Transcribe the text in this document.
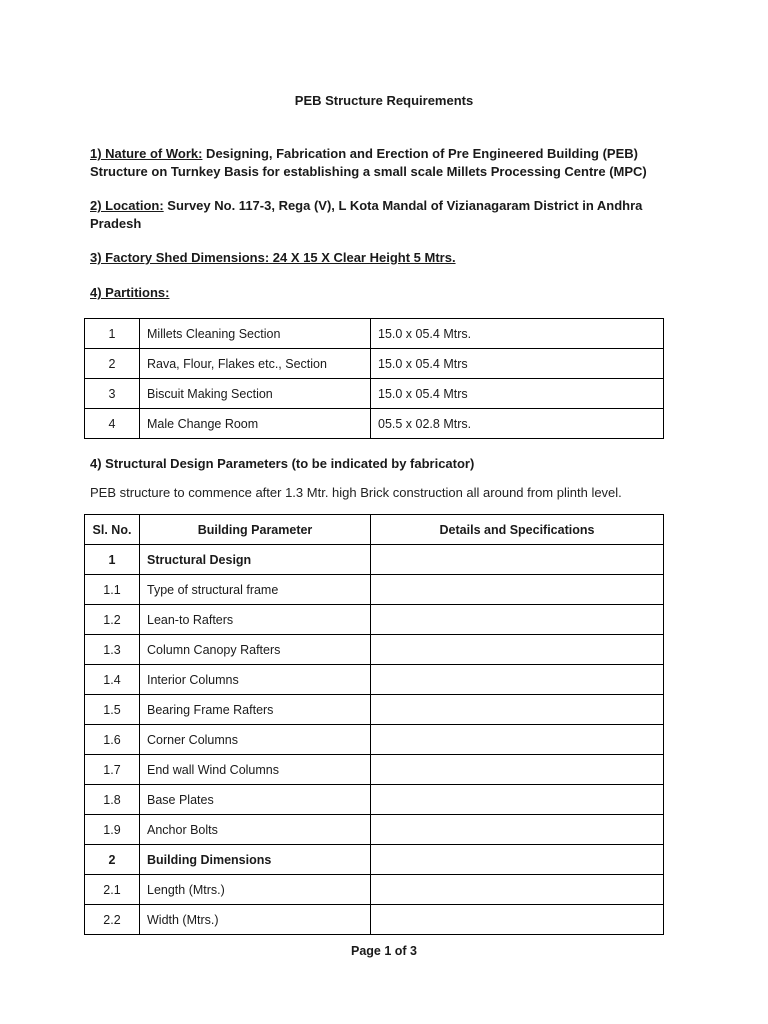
PEB Structure Requirements
1) Nature of Work: Designing, Fabrication and Erection of Pre Engineered Building (PEB) Structure on Turnkey Basis for establishing a small scale Millets Processing Centre (MPC)
2) Location: Survey No. 117-3, Rega (V), L Kota Mandal of Vizianagaram District in Andhra Pradesh
3) Factory Shed Dimensions: 24 X 15 X Clear Height 5 Mtrs.
4) Partitions:
1	Millets Cleaning Section	15.0 x 05.4 Mtrs.
2	Rava, Flour, Flakes etc., Section	15.0 x 05.4 Mtrs
3	Biscuit Making Section	15.0 x 05.4 Mtrs
4	Male Change Room	05.5 x 02.8 Mtrs.
4) Structural Design Parameters (to be indicated by fabricator)
PEB structure to commence after 1.3 Mtr. high Brick construction all around from plinth level.
Sl. No.	Building Parameter	Details and Specifications
1	Structural Design	
1.1	Type of structural frame	
1.2	Lean-to Rafters	
1.3	Column Canopy Rafters	
1.4	Interior Columns	
1.5	Bearing Frame Rafters	
1.6	Corner Columns	
1.7	End wall Wind Columns	
1.8	Base Plates	
1.9	Anchor Bolts	
2	Building Dimensions	
2.1	Length (Mtrs.)	
2.2	Width (Mtrs.)	
Page 1 of 3
